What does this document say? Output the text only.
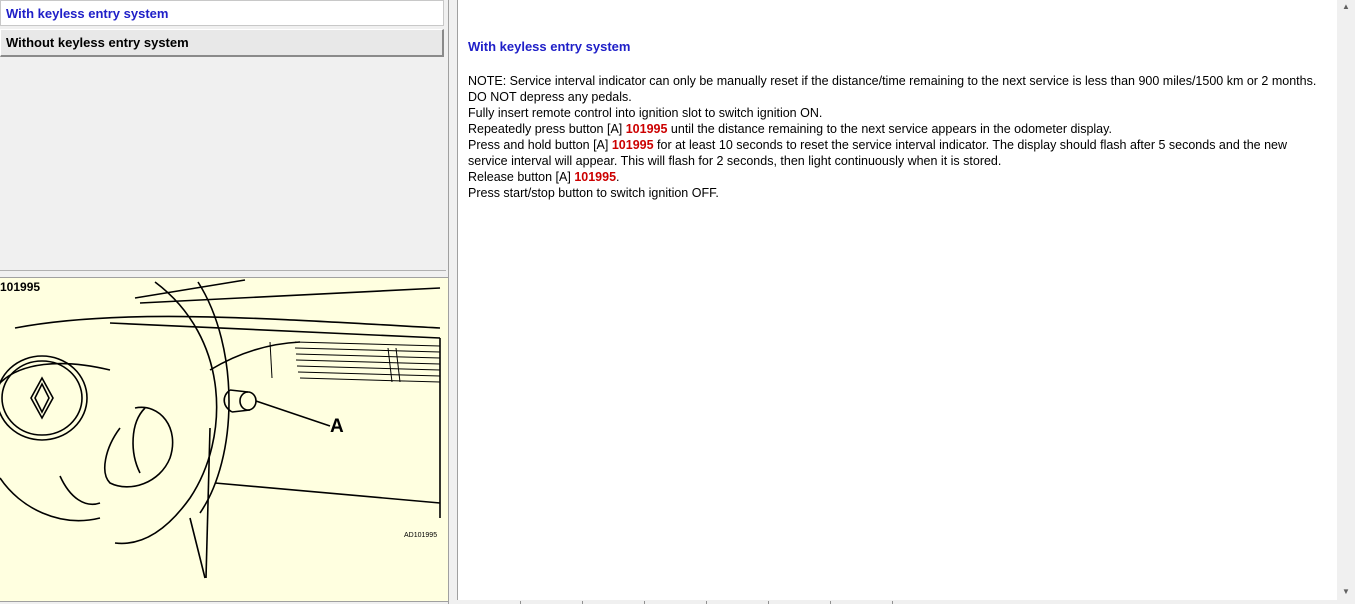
With keyless entry system
Without keyless entry system
101995
A
AD101995
With keyless entry system
NOTE: Service interval indicator can only be manually reset if the distance/time remaining to the next service is less than 900 miles/1500 km or 2 months.
DO NOT depress any pedals.
Fully insert remote control into ignition slot to switch ignition ON.
Repeatedly press button [A] 101995 until the distance remaining to the next service appears in the odometer display.
Press and hold button [A] 101995 for at least 10 seconds to reset the service interval indicator. The display should flash after 5 seconds and the new service interval will appear. This will flash for 2 seconds, then light continuously when it is stored.
Release button [A] 101995.
Press start/stop button to switch ignition OFF.
▲
▼
